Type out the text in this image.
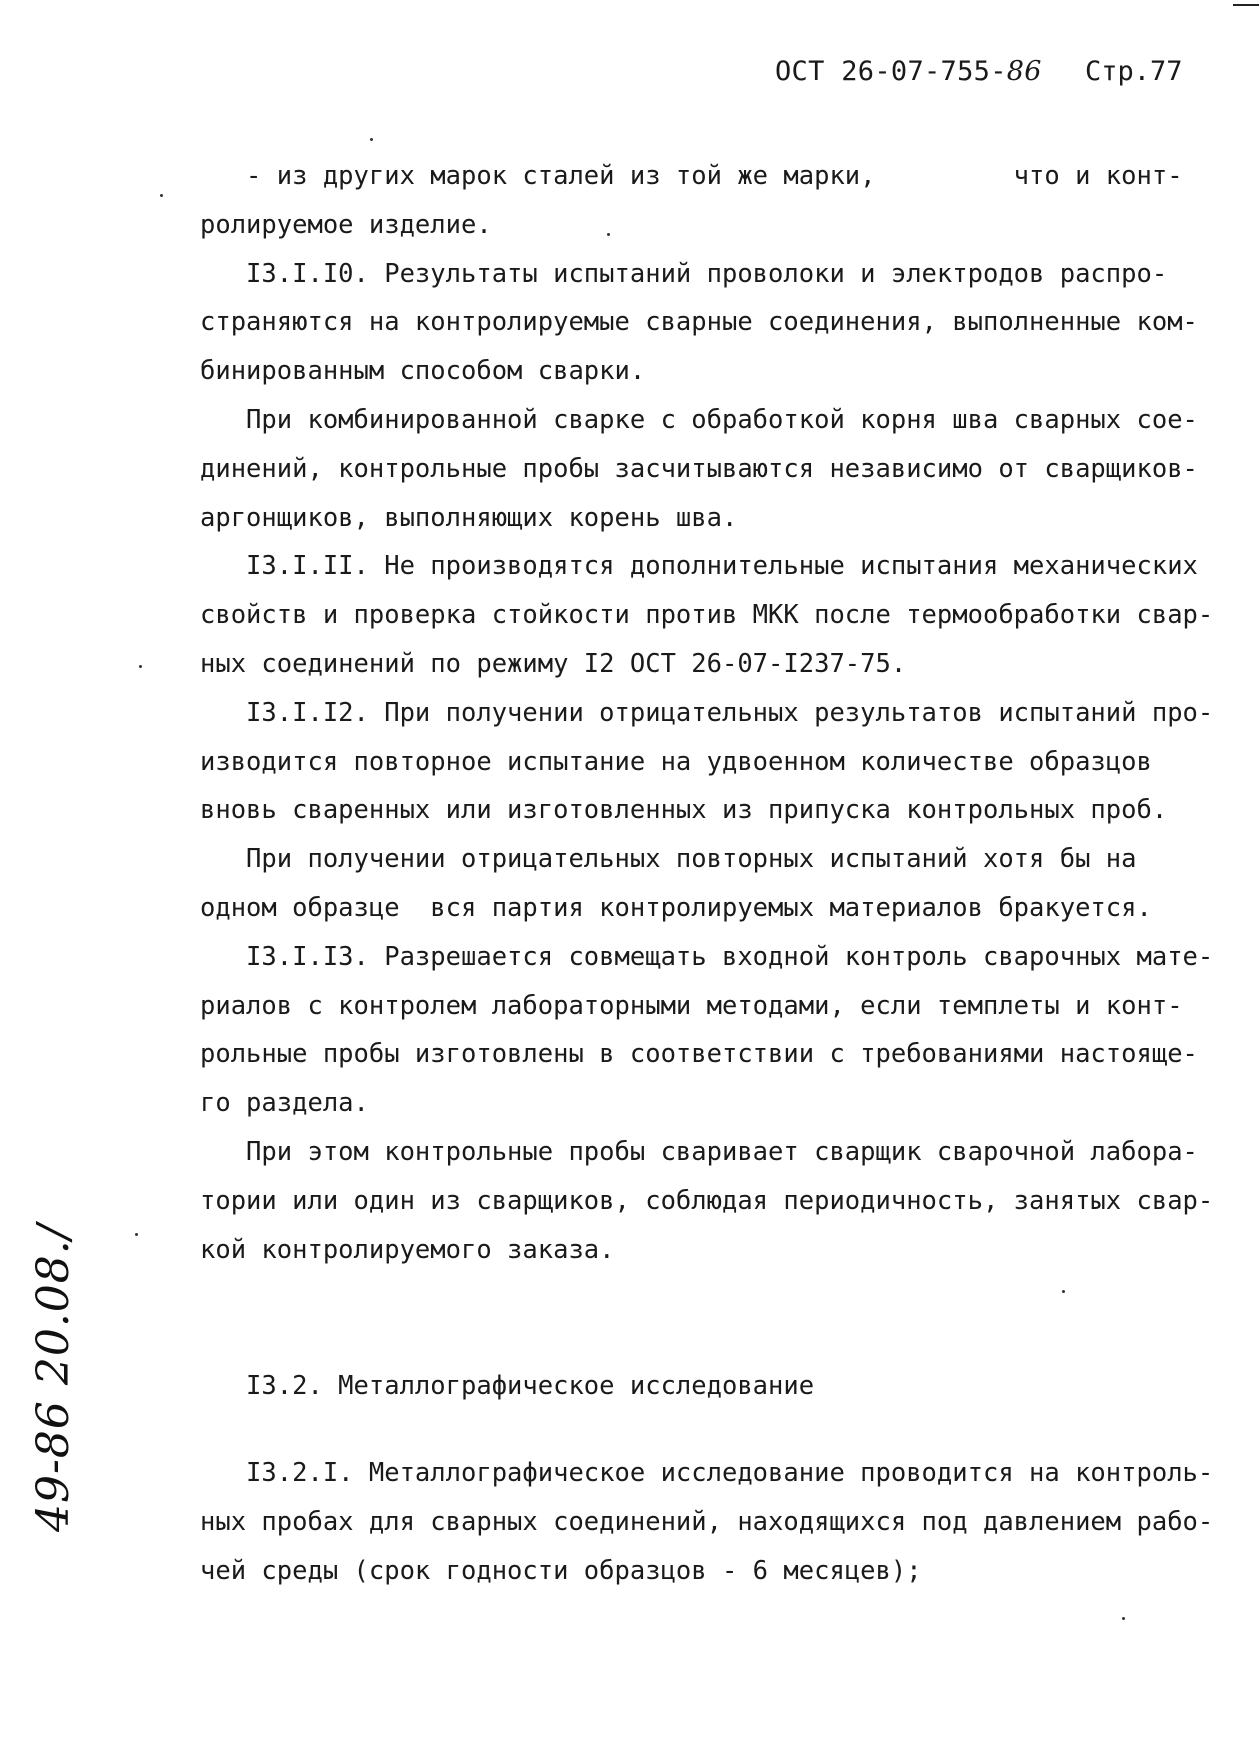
ОСТ 26-07-755-86 Стр.77
- из других марок сталей из той же марки,         что и конт-
ролируемое изделие.
I3.I.I0. Результаты испытаний проволоки и электродов распро-
страняются на контролируемые сварные соединения, выполненные ком-
бинированным способом сварки.
При комбинированной сварке с обработкой корня шва сварных сое-
динений, контрольные пробы засчитываются независимо от сварщиков-
аргонщиков, выполняющих корень шва.
I3.I.II. Не производятся дополнительные испытания механических
свойств и проверка стойкости против МКК после термообработки свар-
ных соединений по режиму I2 ОСТ 26-07-I237-75.
I3.I.I2. При получении отрицательных результатов испытаний про-
изводится повторное испытание на удвоенном количестве образцов
вновь сваренных или изготовленных из припуска контрольных проб.
При получении отрицательных повторных испытаний хотя бы на
одном образце  вся партия контролируемых материалов бракуется.
I3.I.I3. Разрешается совмещать входной контроль сварочных мате-
риалов с контролем лабораторными методами, если темплеты и конт-
рольные пробы изготовлены в соответствии с требованиями настояще-
го раздела.
При этом контрольные пробы сваривает сварщик сварочной лабора-
тории или один из сварщиков, соблюдая периодичность, занятых свар-
кой контролируемого заказа.
I3.2. Металлографическое исследование
I3.2.I. Металлографическое исследование проводится на контроль-
ных пробах для сварных соединений, находящихся под давлением рабо-
чей среды (срок годности образцов - 6 месяцев);
49-86 20.08.∕
